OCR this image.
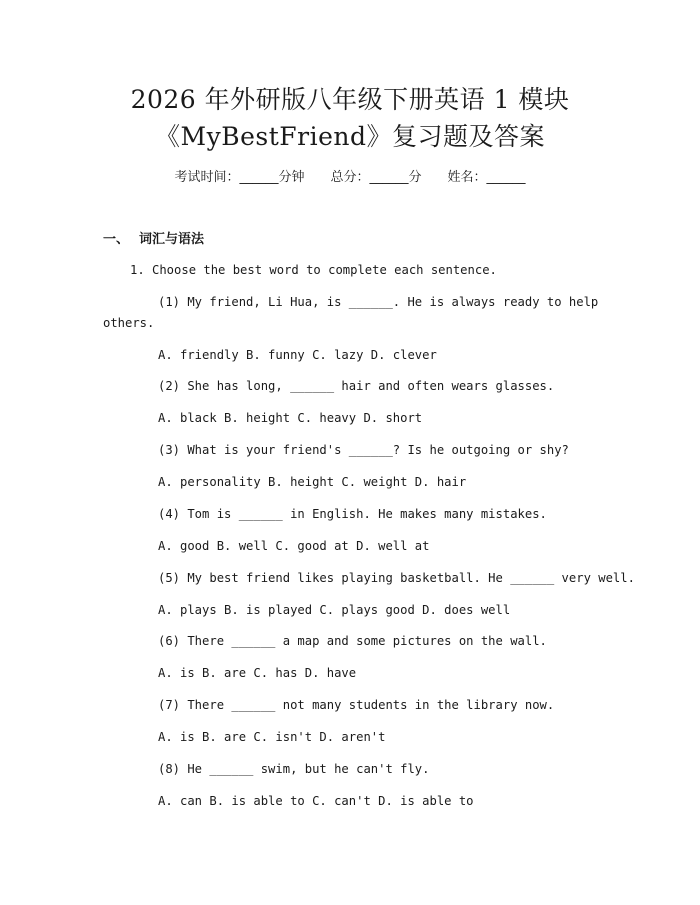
2026 年外研版八年级下册英语 1 模块
《MyBestFriend》复习题及答案
考试时间：______分钟 总分：______分 姓名：______
一、 词汇与语法
1. Choose the best word to complete each sentence.
(1) My friend, Li Hua, is ______. He is always ready to help
others.
A. friendly B. funny C. lazy D. clever
(2) She has long, ______ hair and often wears glasses.
A. black B. height C. heavy D. short
(3) What is your friend's ______? Is he outgoing or shy?
A. personality B. height C. weight D. hair
(4) Tom is ______ in English. He makes many mistakes.
A. good B. well C. good at D. well at
(5) My best friend likes playing basketball. He ______ very well.
A. plays B. is played C. plays good D. does well
(6) There ______ a map and some pictures on the wall.
A. is B. are C. has D. have
(7) There ______ not many students in the library now.
A. is B. are C. isn't D. aren't
(8) He ______ swim, but he can't fly.
A. can B. is able to C. can't D. is able to
